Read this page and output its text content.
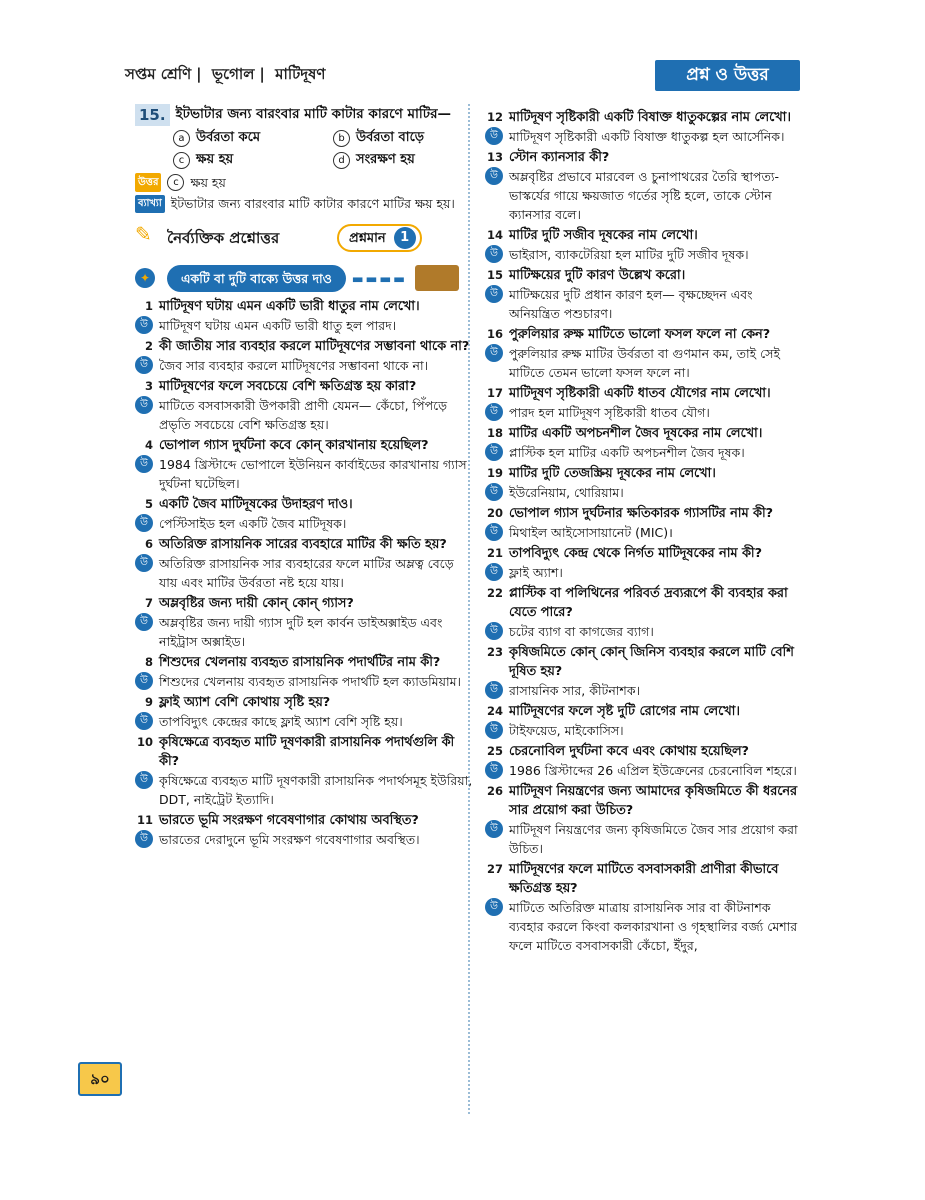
সপ্তম শ্রেণি | ভূগোল | মাটিদূষণ	প্রশ্ন ও উত্তর
15. ইটভাটার জন্য বারংবার মাটি কাটার কারণে মাটির—
a উর্বরতা কমে	b উর্বরতা বাড়ে
c ক্ষয় হয়	d সংরক্ষণ হয়
উত্তর	c ক্ষয় হয়
ব্যাখ্যা ইটভাটার জন্য বারংবার মাটি কাটার কারণে মাটির ক্ষয় হয়।
✎ নৈর্ব্যক্তিক প্রশ্নোত্তর	প্রশ্নমান	1
✦	একটি বা দুটি বাক্যে উত্তর দাও	▬▬▬▬
1 মাটিদূষণ ঘটায় এমন একটি ভারী ধাতুর নাম লেখো।
উ মাটিদূষণ ঘটায় এমন একটি ভারী ধাতু হল পারদ।
2 কী জাতীয় সার ব্যবহার করলে মাটিদূষণের সম্ভাবনা থাকে না?
উ জৈব সার ব্যবহার করলে মাটিদূষণের সম্ভাবনা থাকে না।
3 মাটিদূষণের ফলে সবচেয়ে বেশি ক্ষতিগ্রস্ত হয় কারা?
উ মাটিতে বসবাসকারী উপকারী প্রাণী যেমন— কেঁচো, পিঁপড়ে প্রভৃতি সবচেয়ে বেশি ক্ষতিগ্রস্ত হয়।
4 ভোপাল গ্যাস দুর্ঘটনা কবে কোন্ কারখানায় হয়েছিল?
উ 1984 খ্রিস্টাব্দে ভোপালে ইউনিয়ন কার্বাইডের কারখানায় গ্যাস দুর্ঘটনা ঘটেছিল।
5 একটি জৈব মাটিদূষকের উদাহরণ দাও।
উ পেস্টিসাইড হল একটি জৈব মাটিদূষক।
6 অতিরিক্ত রাসায়নিক সারের ব্যবহারে মাটির কী ক্ষতি হয়?
উ অতিরিক্ত রাসায়নিক সার ব্যবহারের ফলে মাটির অম্লত্ব বেড়ে যায় এবং মাটির উর্বরতা নষ্ট হয়ে যায়।
7 অম্লবৃষ্টির জন্য দায়ী কোন্ কোন্ গ্যাস?
উ অম্লবৃষ্টির জন্য দায়ী গ্যাস দুটি হল কার্বন ডাইঅক্সাইড এবং নাইট্রাস অক্সাইড।
8 শিশুদের খেলনায় ব্যবহৃত রাসায়নিক পদার্থটির নাম কী?
উ শিশুদের খেলনায় ব্যবহৃত রাসায়নিক পদার্থটি হল ক্যাডমিয়াম।
9 ফ্লাই অ্যাশ বেশি কোথায় সৃষ্টি হয়?
উ তাপবিদ্যুৎ কেন্দ্রের কাছে ফ্লাই অ্যাশ বেশি সৃষ্টি হয়।
10 কৃষিক্ষেত্রে ব্যবহৃত মাটি দূষণকারী রাসায়নিক পদার্থগুলি কী কী?
উ কৃষিক্ষেত্রে ব্যবহৃত মাটি দূষণকারী রাসায়নিক পদার্থসমূহ ইউরিয়া, DDT, নাইট্রেট ইত্যাদি।
11 ভারতে ভূমি সংরক্ষণ গবেষণাগার কোথায় অবস্থিত?
উ ভারতের দেরাদুনে ভূমি সংরক্ষণ গবেষণাগার অবস্থিত।
12 মাটিদূষণ সৃষ্টিকারী একটি বিষাক্ত ধাতুকল্পের নাম লেখো।
উ মাটিদূষণ সৃষ্টিকারী একটি বিষাক্ত ধাতুকল্প হল আর্সেনিক।
13 স্টোন ক্যানসার কী?
উ অম্লবৃষ্টির প্রভাবে মারবেল ও চুনাপাথরের তৈরি স্থাপত্য-ভাস্কর্যের গায়ে ক্ষয়জাত গর্তের সৃষ্টি হলে, তাকে স্টোন ক্যানসার বলে।
14 মাটির দুটি সজীব দূষকের নাম লেখো।
উ ভাইরাস, ব্যাকটেরিয়া হল মাটির দুটি সজীব দূষক।
15 মাটিক্ষয়ের দুটি কারণ উল্লেখ করো।
উ মাটিক্ষয়ের দুটি প্রধান কারণ হল— বৃক্ষচ্ছেদন এবং অনিয়ন্ত্রিত পশুচারণ।
16 পুরুলিয়ার রুক্ষ মাটিতে ভালো ফসল ফলে না কেন?
উ পুরুলিয়ার রুক্ষ মাটির উর্বরতা বা গুণমান কম, তাই সেই মাটিতে তেমন ভালো ফসল ফলে না।
17 মাটিদূষণ সৃষ্টিকারী একটি ধাতব যৌগের নাম লেখো।
উ পারদ হল মাটিদূষণ সৃষ্টিকারী ধাতব যৌগ।
18 মাটির একটি অপচনশীল জৈব দূষকের নাম লেখো।
উ প্লাস্টিক হল মাটির একটি অপচনশীল জৈব দূষক।
19 মাটির দুটি তেজস্ক্রিয় দূষকের নাম লেখো।
উ ইউরেনিয়াম, থোরিয়াম।
20 ভোপাল গ্যাস দুর্ঘটনার ক্ষতিকারক গ্যাসটির নাম কী?
উ মিথাইল আইসোসায়ানেট (MIC)।
21 তাপবিদ্যুৎ কেন্দ্র থেকে নির্গত মাটিদূষকের নাম কী?
উ ফ্লাই অ্যাশ।
22 প্লাস্টিক বা পলিথিনের পরিবর্ত দ্রব্যরূপে কী ব্যবহার করা যেতে পারে?
উ চটের ব্যাগ বা কাগজের ব্যাগ।
23 কৃষিজমিতে কোন্ কোন্ জিনিস ব্যবহার করলে মাটি বেশি দূষিত হয়?
উ রাসায়নিক সার, কীটনাশক।
24 মাটিদূষণের ফলে সৃষ্ট দুটি রোগের নাম লেখো।
উ টাইফয়েড, মাইকোসিস।
25 চেরনোবিল দুর্ঘটনা কবে এবং কোথায় হয়েছিল?
উ 1986 খ্রিস্টাব্দের 26 এপ্রিল ইউক্রেনের চেরনোবিল শহরে।
26 মাটিদূষণ নিয়ন্ত্রণের জন্য আমাদের কৃষিজমিতে কী ধরনের সার প্রয়োগ করা উচিত?
উ মাটিদূষণ নিয়ন্ত্রণের জন্য কৃষিজমিতে জৈব সার প্রয়োগ করা উচিত।
27 মাটিদূষণের ফলে মাটিতে বসবাসকারী প্রাণীরা কীভাবে ক্ষতিগ্রস্ত হয়?
উ মাটিতে অতিরিক্ত মাত্রায় রাসায়নিক সার বা কীটনাশক ব্যবহার করলে কিংবা কলকারখানা ও গৃহস্থালির বর্জ্য মেশার ফলে মাটিতে বসবাসকারী কেঁচো, ইঁদুর,
৯০
